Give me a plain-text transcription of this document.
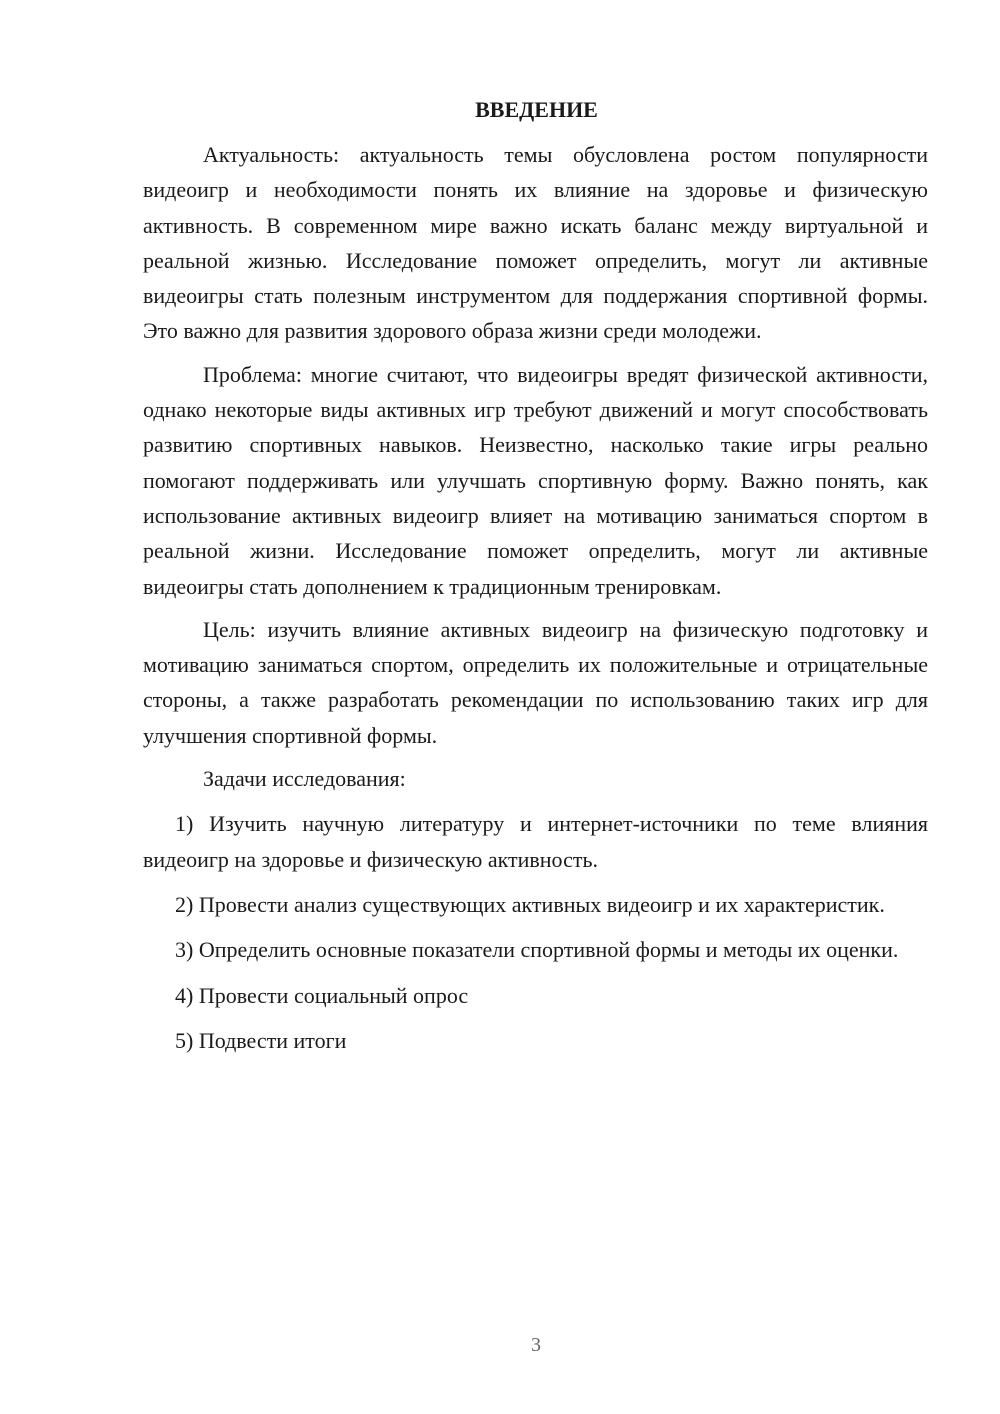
ВВЕДЕНИЕ

Актуальность: актуальность темы обусловлена ростом популярности видеоигр и необходимости понять их влияние на здоровье и физическую активность. В современном мире важно искать баланс между виртуальной и реальной жизнью. Исследование поможет определить, могут ли активные видеоигры стать полезным инструментом для поддержания спортивной формы. Это важно для развития здорового образа жизни среди молодежи.

Проблема: многие считают, что видеоигры вредят физической активности, однако некоторые виды активных игр требуют движений и могут способствовать развитию спортивных навыков. Неизвестно, насколько такие игры реально помогают поддерживать или улучшать спортивную форму. Важно понять, как использование активных видеоигр влияет на мотивацию заниматься спортом в реальной жизни. Исследование поможет определить, могут ли активные видеоигры стать дополнением к традиционным тренировкам.

Цель: изучить влияние активных видеоигр на физическую подготовку и мотивацию заниматься спортом, определить их положительные и отрицательные стороны, а также разработать рекомендации по использованию таких игр для улучшения спортивной формы.

Задачи исследования:

1) Изучить научную литературу и интернет-источники по теме влияния видеоигр на здоровье и физическую активность.

2) Провести анализ существующих активных видеоигр и их характеристик.

3) Определить основные показатели спортивной формы и методы их оценки.

4) Провести социальный опрос

5) Подвести итоги

3
